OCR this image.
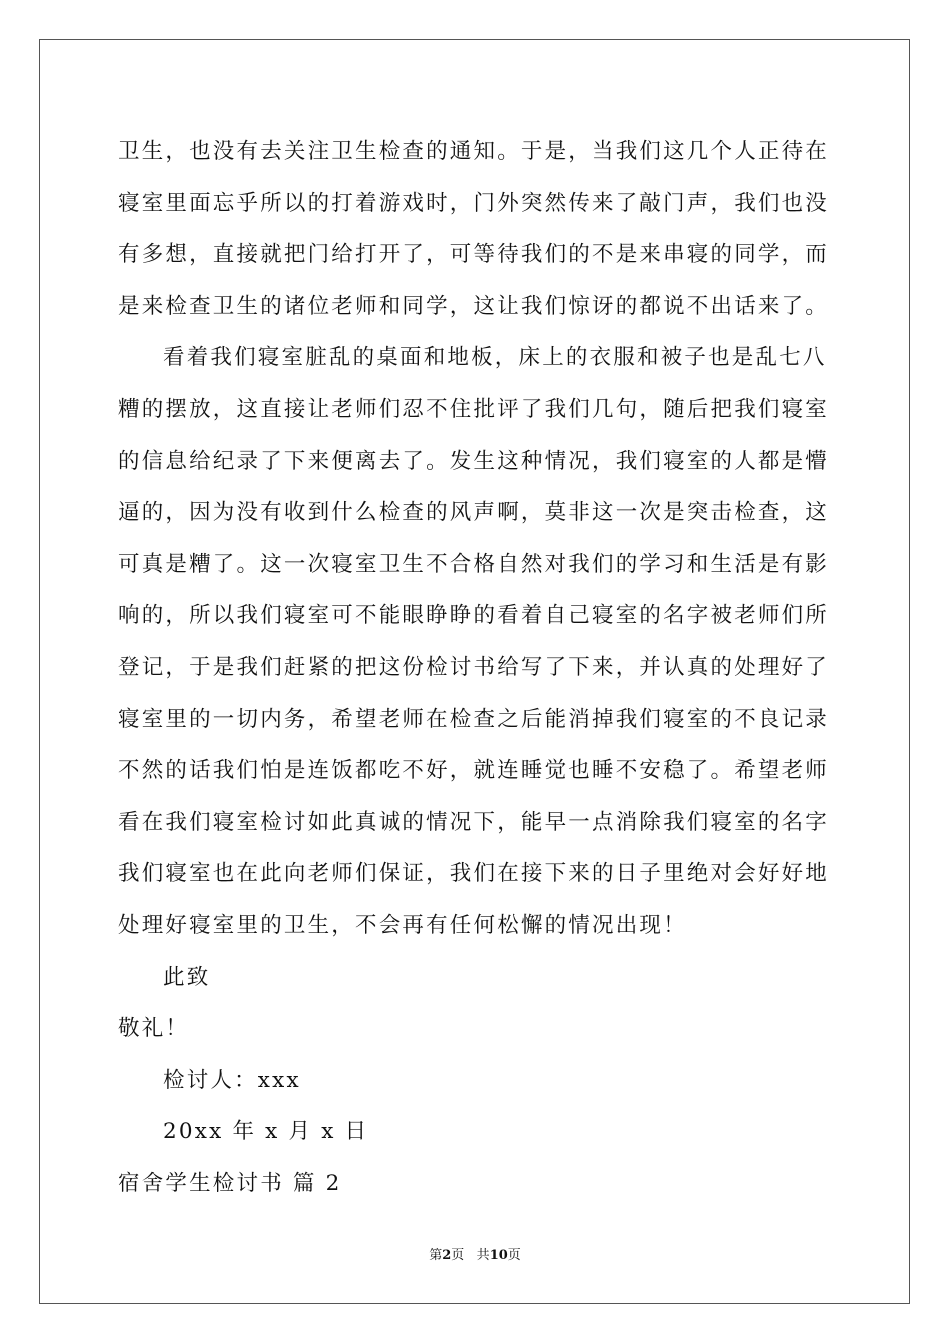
卫生，也没有去关注卫生检查的通知。于是，当我们这几个人正待在
寝室里面忘乎所以的打着游戏时，门外突然传来了敲门声，我们也没
有多想，直接就把门给打开了，可等待我们的不是来串寝的同学，而
是来检查卫生的诸位老师和同学，这让我们惊讶的都说不出话来了。

看着我们寝室脏乱的桌面和地板，床上的衣服和被子也是乱七八
糟的摆放，这直接让老师们忍不住批评了我们几句，随后把我们寝室
的信息给纪录了下来便离去了。发生这种情况，我们寝室的人都是懵
逼的，因为没有收到什么检查的风声啊，莫非这一次是突击检查，这
可真是糟了。这一次寝室卫生不合格自然对我们的学习和生活是有影
响的，所以我们寝室可不能眼睁睁的看着自己寝室的名字被老师们所
登记，于是我们赶紧的把这份检讨书给写了下来，并认真的处理好了
寝室里的一切内务，希望老师在检查之后能消掉我们寝室的不良记录
不然的话我们怕是连饭都吃不好，就连睡觉也睡不安稳了。希望老师
看在我们寝室检讨如此真诚的情况下，能早一点消除我们寝室的名字
我们寝室也在此向老师们保证，我们在接下来的日子里绝对会好好地
处理好寝室里的卫生，不会再有任何松懈的情况出现！

此致

敬礼！

检讨人：xxx

20xx 年 x 月 x 日

宿舍学生检讨书 篇 2

第2页 共10页
